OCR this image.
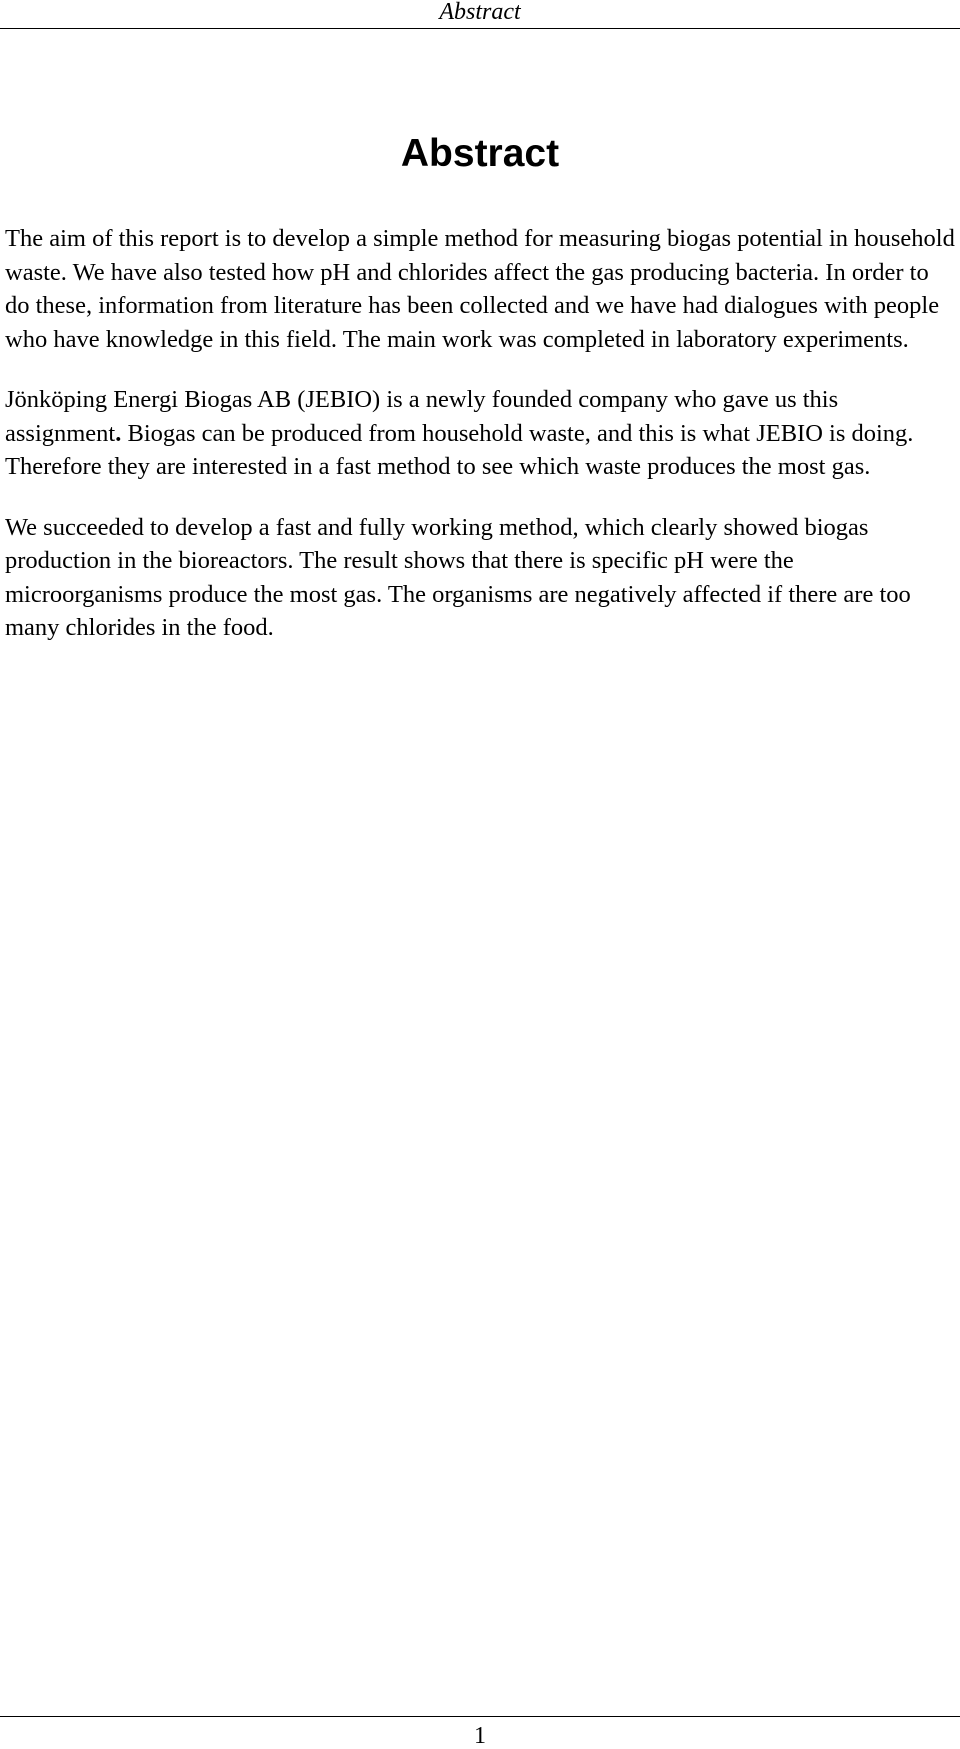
Abstract
Abstract

The aim of this report is to develop a simple method for measuring biogas potential in household waste. We have also tested how pH and chlorides affect the gas producing bacteria. In order to do these, information from literature has been collected and we have had dialogues with people who have knowledge in this field. The main work was completed in laboratory experiments.

Jönköping Energi Biogas AB (JEBIO) is a newly founded company who gave us this assignment. Biogas can be produced from household waste, and this is what JEBIO is doing. Therefore they are interested in a fast method to see which waste produces the most gas.

We succeeded to develop a fast and fully working method, which clearly showed biogas production in the bioreactors. The result shows that there is specific pH were the microorganisms produce the most gas. The organisms are negatively affected if there are too many chlorides in the food.

1
